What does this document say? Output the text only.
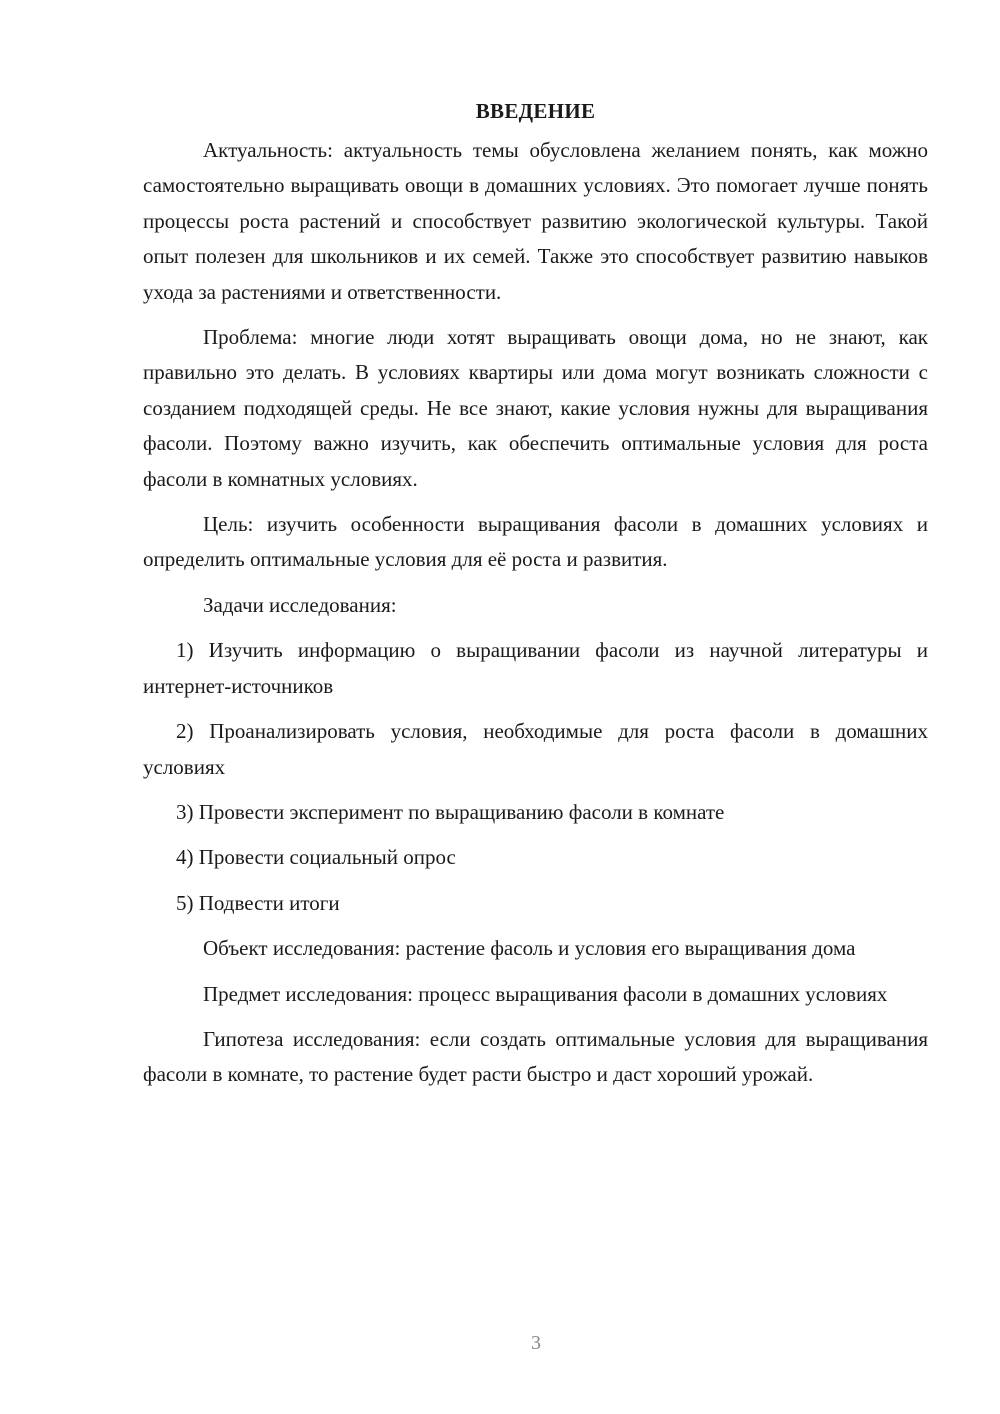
ВВЕДЕНИЕ

Актуальность: актуальность темы обусловлена желанием понять, как можно самостоятельно выращивать овощи в домашних условиях. Это помогает лучше понять процессы роста растений и способствует развитию экологической культуры. Такой опыт полезен для школьников и их семей. Также это способствует развитию навыков ухода за растениями и ответственности.

Проблема: многие люди хотят выращивать овощи дома, но не знают, как правильно это делать. В условиях квартиры или дома могут возникать сложности с созданием подходящей среды. Не все знают, какие условия нужны для выращивания фасоли. Поэтому важно изучить, как обеспечить оптимальные условия для роста фасоли в комнатных условиях.

Цель: изучить особенности выращивания фасоли в домашних условиях и определить оптимальные условия для её роста и развития.

Задачи исследования:

1) Изучить информацию о выращивании фасоли из научной литературы и интернет-источников

2) Проанализировать условия, необходимые для роста фасоли в домашних условиях

3) Провести эксперимент по выращиванию фасоли в комнате

4) Провести социальный опрос

5) Подвести итоги

Объект исследования: растение фасоль и условия его выращивания дома

Предмет исследования: процесс выращивания фасоли в домашних условиях

Гипотеза исследования: если создать оптимальные условия для выращивания фасоли в комнате, то растение будет расти быстро и даст хороший урожай.

3
